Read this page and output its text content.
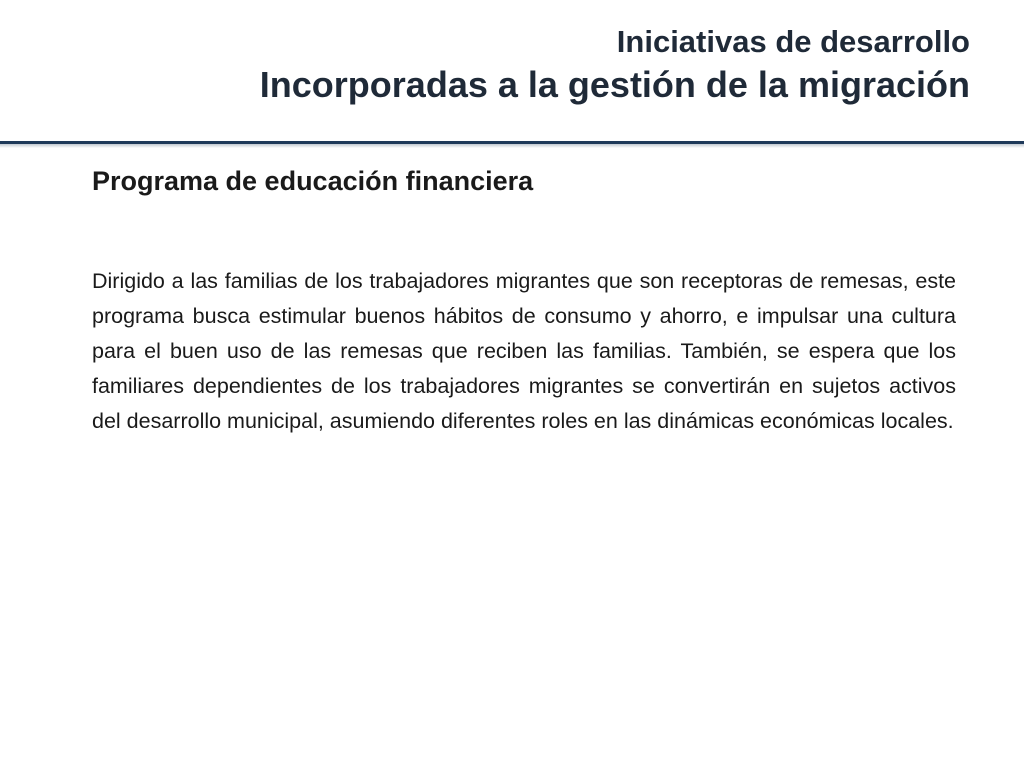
Iniciativas de desarrollo

Incorporadas a la gestión de la migración

Programa de educación financiera

Dirigido a las familias de los trabajadores migrantes que son receptoras de remesas, este programa busca estimular buenos hábitos de consumo y ahorro, e impulsar una cultura para el buen uso de las remesas que reciben las familias. También, se espera que los familiares dependientes de los trabajadores migrantes se convertirán en sujetos activos del desarrollo municipal, asumiendo diferentes roles en las dinámicas económicas locales.
